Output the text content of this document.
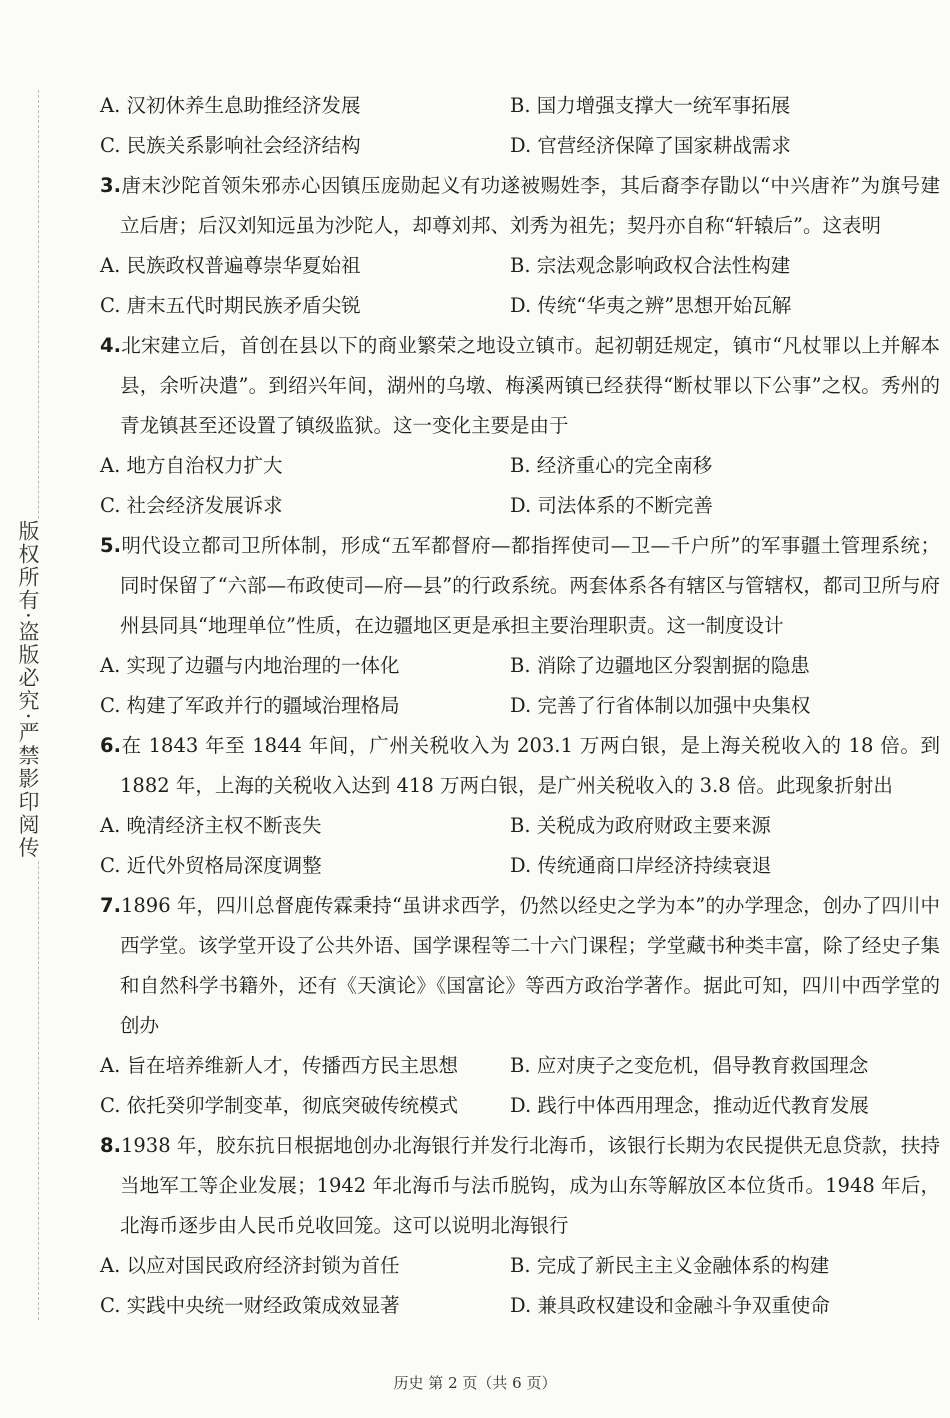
版权所有·盗版必究·严禁影印阅传
A. 汉初休养生息助推经济发展	B. 国力增强支撑大一统军事拓展
C. 民族关系影响社会经济结构	D. 官营经济保障了国家耕战需求

3.唐末沙陀首领朱邪赤心因镇压庞勋起义有功遂被赐姓李，其后裔李存勖以“中兴唐祚”为旗号建立后唐；后汉刘知远虽为沙陀人，却尊刘邦、刘秀为祖先；契丹亦自称“轩辕后”。这表明

A. 民族政权普遍尊崇华夏始祖	B. 宗法观念影响政权合法性构建
C. 唐末五代时期民族矛盾尖锐	D. 传统“华夷之辨”思想开始瓦解

4.北宋建立后，首创在县以下的商业繁荣之地设立镇市。起初朝廷规定，镇市“凡杖罪以上并解本县，余听决遣”。到绍兴年间，湖州的乌墩、梅溪两镇已经获得“断杖罪以下公事”之权。秀州的青龙镇甚至还设置了镇级监狱。这一变化主要是由于

A. 地方自治权力扩大	B. 经济重心的完全南移
C. 社会经济发展诉求	D. 司法体系的不断完善

5.明代设立都司卫所体制，形成“五军都督府—都指挥使司—卫—千户所”的军事疆土管理系统；同时保留了“六部—布政使司—府—县”的行政系统。两套体系各有辖区与管辖权，都司卫所与府州县同具“地理单位”性质，在边疆地区更是承担主要治理职责。这一制度设计

A. 实现了边疆与内地治理的一体化	B. 消除了边疆地区分裂割据的隐患
C. 构建了军政并行的疆域治理格局	D. 完善了行省体制以加强中央集权

6.在 1843 年至 1844 年间，广州关税收入为 203.1 万两白银，是上海关税收入的 18 倍。到 1882 年，上海的关税收入达到 418 万两白银，是广州关税收入的 3.8 倍。此现象折射出

A. 晚清经济主权不断丧失	B. 关税成为政府财政主要来源
C. 近代外贸格局深度调整	D. 传统通商口岸经济持续衰退

7.1896 年，四川总督鹿传霖秉持“虽讲求西学，仍然以经史之学为本”的办学理念，创办了四川中西学堂。该学堂开设了公共外语、国学课程等二十六门课程；学堂藏书种类丰富，除了经史子集和自然科学书籍外，还有《天演论》《国富论》等西方政治学著作。据此可知，四川中西学堂的创办

A. 旨在培养维新人才，传播西方民主思想	B. 应对庚子之变危机，倡导教育救国理念
C. 依托癸卯学制变革，彻底突破传统模式	D. 践行中体西用理念，推动近代教育发展

8.1938 年，胶东抗日根据地创办北海银行并发行北海币，该银行长期为农民提供无息贷款，扶持当地军工等企业发展；1942 年北海币与法币脱钩，成为山东等解放区本位货币。1948 年后，北海币逐步由人民币兑收回笼。这可以说明北海银行

A. 以应对国民政府经济封锁为首任	B. 完成了新民主主义金融体系的构建
C. 实践中央统一财经政策成效显著	D. 兼具政权建设和金融斗争双重使命
历史 第 2 页（共 6 页）
